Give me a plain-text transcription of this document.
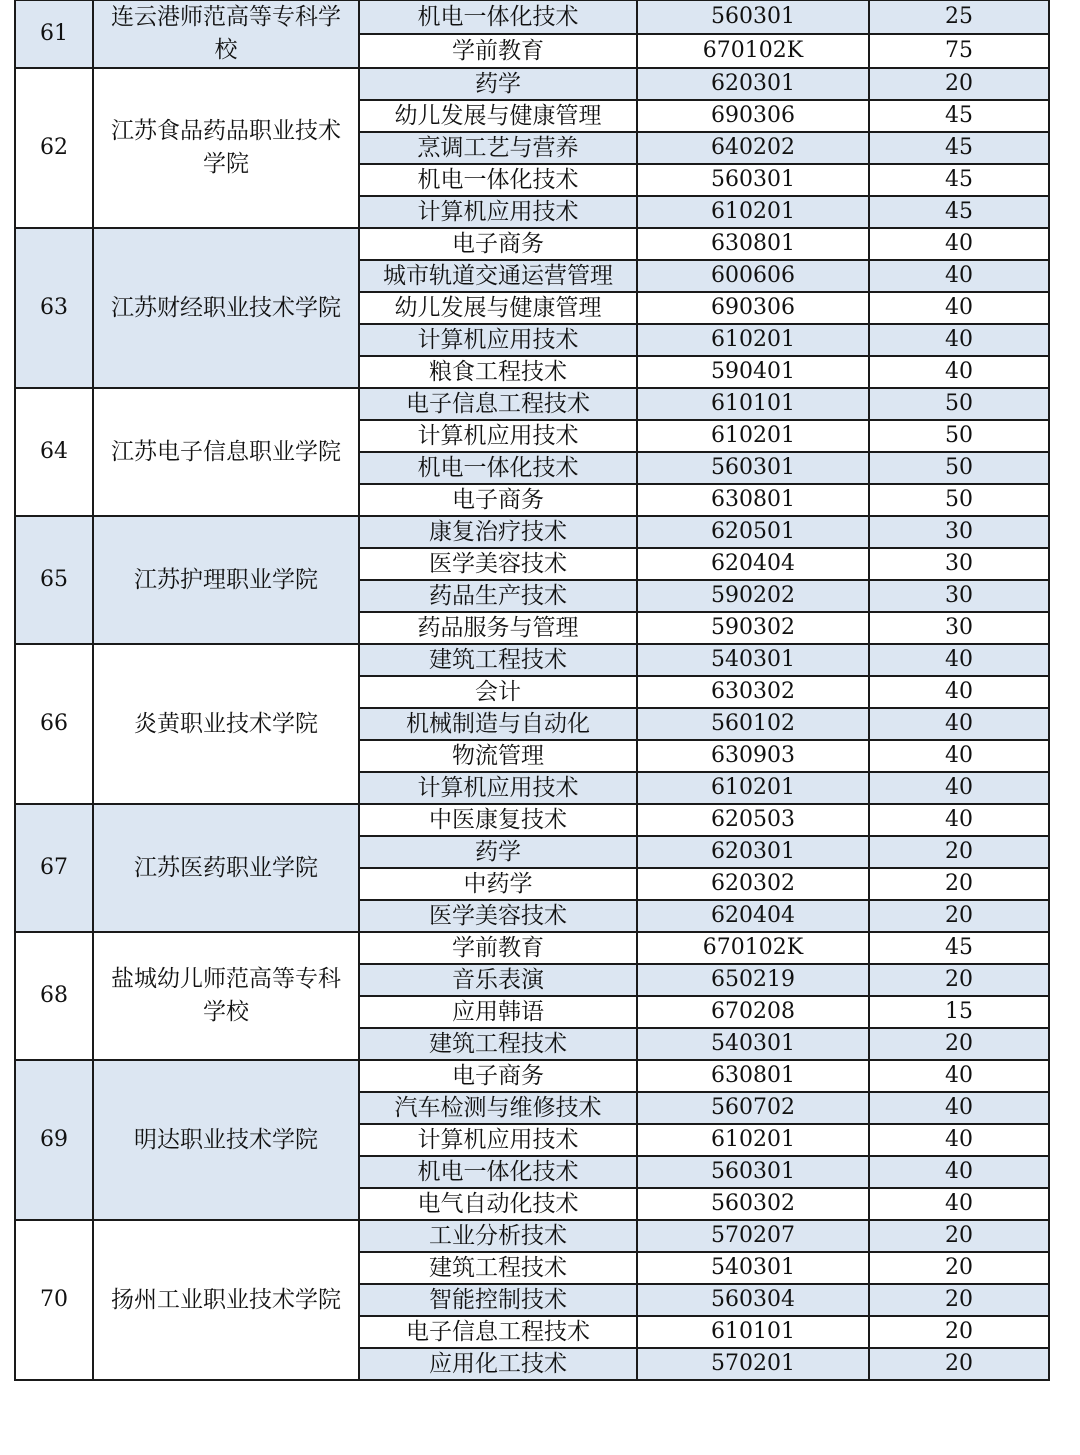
61	连云港师范高等专科学校	机电一体化技术	560301	25
		学前教育	670102K	75
62	江苏食品药品职业技术学院	药学	620301	20
		幼儿发展与健康管理	690306	45
		烹调工艺与营养	640202	45
		机电一体化技术	560301	45
		计算机应用技术	610201	45
63	江苏财经职业技术学院	电子商务	630801	40
		城市轨道交通运营管理	600606	40
		幼儿发展与健康管理	690306	40
		计算机应用技术	610201	40
		粮食工程技术	590401	40
64	江苏电子信息职业学院	电子信息工程技术	610101	50
		计算机应用技术	610201	50
		机电一体化技术	560301	50
		电子商务	630801	50
65	江苏护理职业学院	康复治疗技术	620501	30
		医学美容技术	620404	30
		药品生产技术	590202	30
		药品服务与管理	590302	30
66	炎黄职业技术学院	建筑工程技术	540301	40
		会计	630302	40
		机械制造与自动化	560102	40
		物流管理	630903	40
		计算机应用技术	610201	40
67	江苏医药职业学院	中医康复技术	620503	40
		药学	620301	20
		中药学	620302	20
		医学美容技术	620404	20
68	盐城幼儿师范高等专科学校	学前教育	670102K	45
		音乐表演	650219	20
		应用韩语	670208	15
		建筑工程技术	540301	20
69	明达职业技术学院	电子商务	630801	40
		汽车检测与维修技术	560702	40
		计算机应用技术	610201	40
		机电一体化技术	560301	40
		电气自动化技术	560302	40
70	扬州工业职业技术学院	工业分析技术	570207	20
		建筑工程技术	540301	20
		智能控制技术	560304	20
		电子信息工程技术	610101	20
		应用化工技术	570201	20
